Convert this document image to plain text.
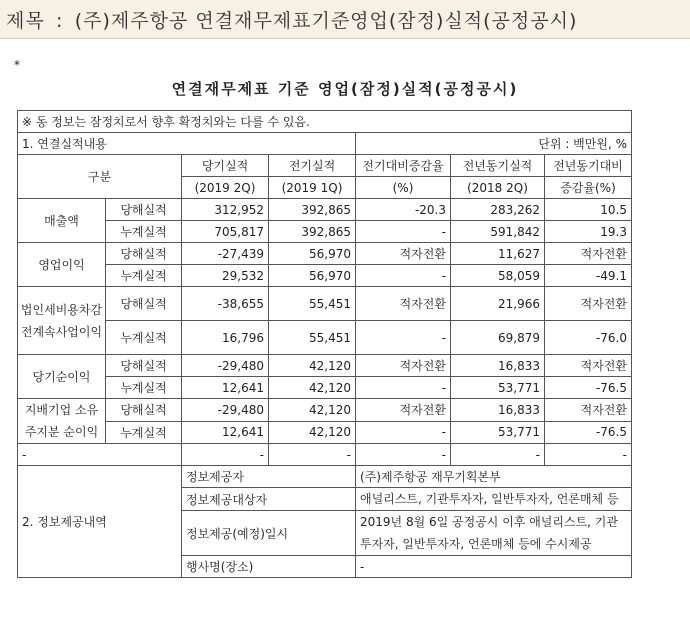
제목 : (주)제주항공 연결재무제표기준영업(잠정)실적(공정공시)
*
연결재무제표 기준 영업(잠정)실적(공정공시)
※ 동 정보는 잠정치로서 향후 확정치와는 다를 수 있음.						
1. 연결실적내용				단위 : 백만원, %		
구분		당기실적	전기실적	전기대비증감율	전년동기실적	전년동기대비
		(2019 2Q)	(2019 1Q)	(%)	(2018 2Q)	증감율(%)
매출액	당해실적	312,952	392,865	-20.3	283,262	10.5
	누계실적	705,817	392,865	-	591,842	19.3
영업이익	당해실적	-27,439	56,970	적자전환	11,627	적자전환
	누계실적	29,532	56,970	-	58,059	-49.1
법인세비용차감전계속사업이익	당해실적	-38,655	55,451	적자전환	21,966	적자전환
	누계실적	16,796	55,451	-	69,879	-76.0
당기순이익	당해실적	-29,480	42,120	적자전환	16,833	적자전환
	누계실적	12,641	42,120	-	53,771	-76.5
지배기업 소유주지분 순이익	당해실적	-29,480	42,120	적자전환	16,833	적자전환
	누계실적	12,641	42,120	-	53,771	-76.5
-		-	-	-	-	-
2. 정보제공내역		정보제공자		(주)제주항공 재무기획본부		
		정보제공대상자		애널리스트, 기관투자자, 일반투자자, 언론매체 등		
		정보제공(예정)일시		2019년 8월 6일 공정공시 이후 애널리스트, 기관투자자, 일반투자자, 언론매체 등에 수시제공		
		행사명(장소)		-		
